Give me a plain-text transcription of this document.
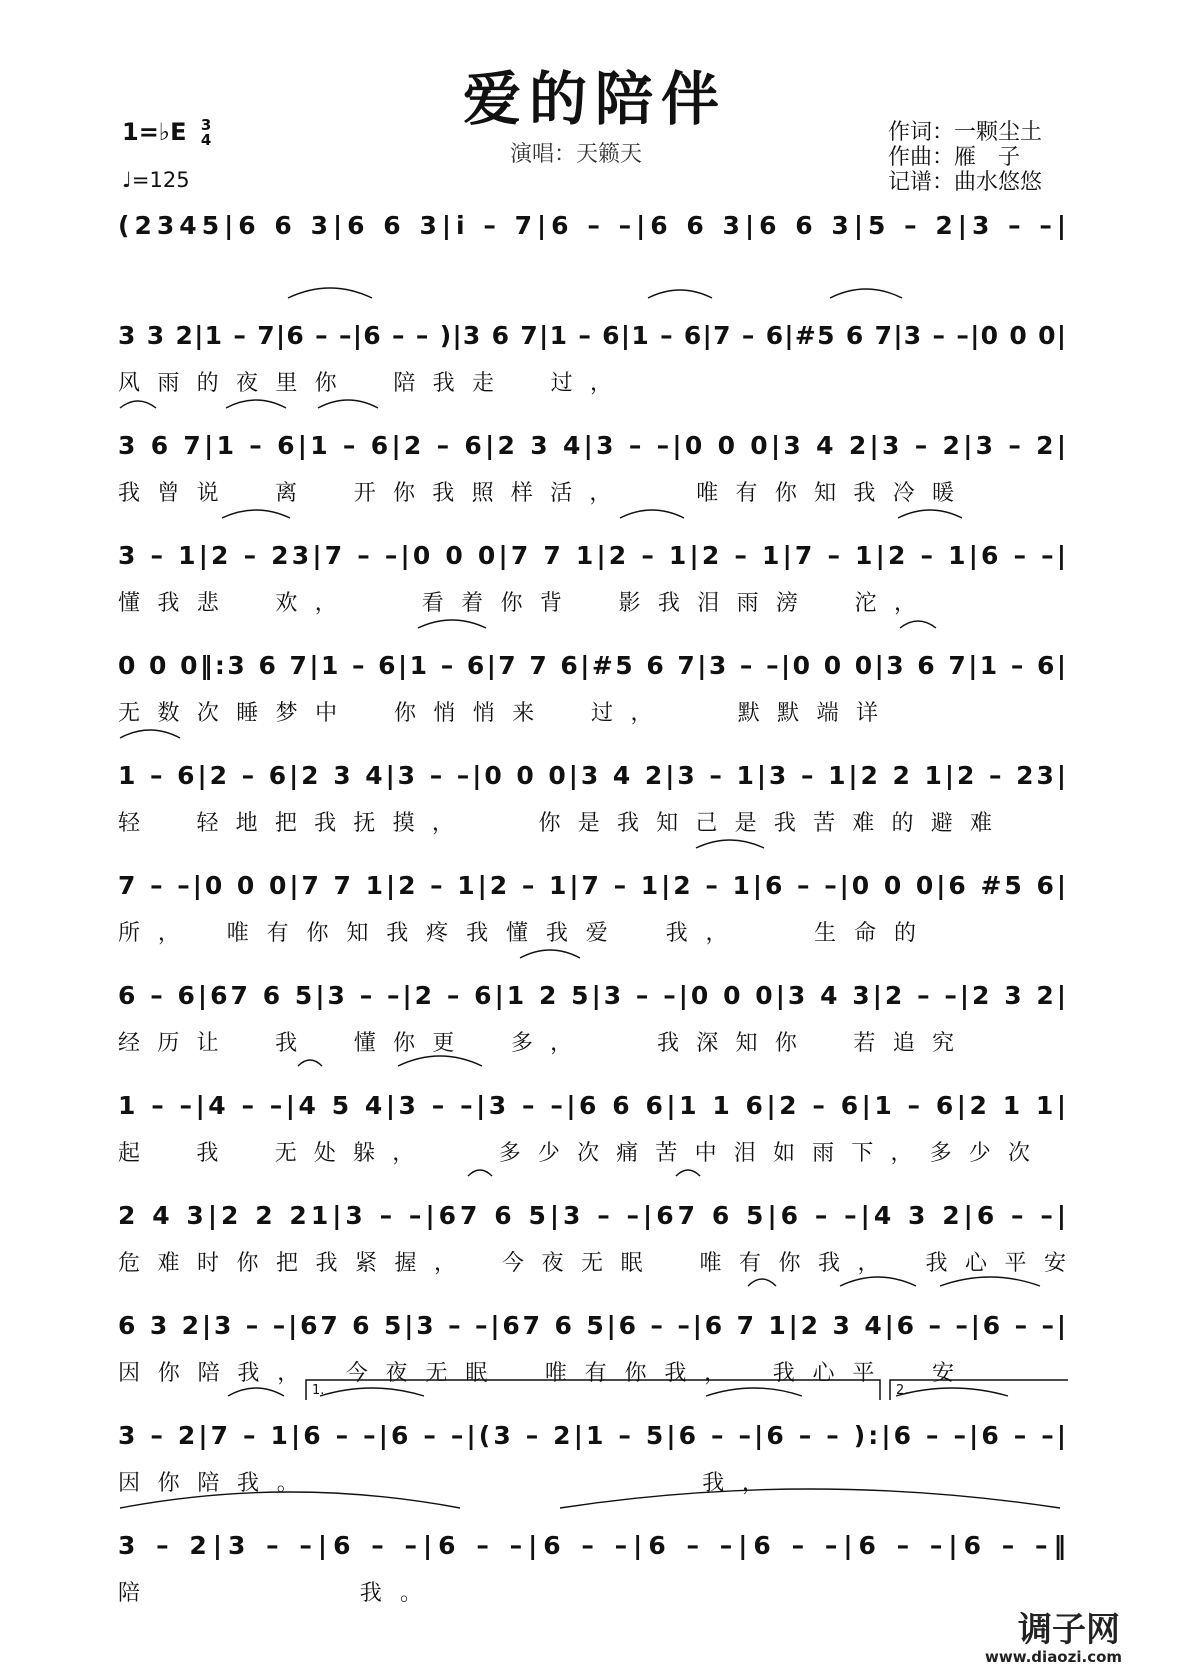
爱的陪伴
1=♭E 3
4
♩=125
演唱：天籁天
作词：一颗尘土
作曲：雁　子
记谱：曲水悠悠
(2345|6 6 3|6 6 3|i̇ – 7|6 – –|6 6 3|6 6 3|5 – 2|3 – –|
3 3 2|1 – 7|6 – –|6 – – )|3 6 7|1 – 6|1 – 6|7 – 6|#5 6 7|3 – –|0 0 0|
风雨的夜里你　陪我走　过，
3 6 7|1 – 6|1 – 6|2 – 6|2 3 4|3 – –|0 0 0|3 4 2|3 – 2|3 – 2|
我曾说　离　开你我照样活，　　唯有你知我冷暖
3 – 1|2 – 23|7 – –|0 0 0|7 7 1|2 – 1|2 – 1|7 – 1|2 – 1|6 – –|
懂我悲　欢，　　看着你背　影我泪雨滂　沱，
0 0 0‖:3 6 7|1 – 6|1 – 6|7 7 6|#5 6 7|3 – –|0 0 0|3 6 7|1 – 6|
无数次睡梦中　你悄悄来　过，　　默默端详
1 – 6|2 – 6|2 3 4|3 – –|0 0 0|3 4 2|3 – 1|3 – 1|2 2 1|2 – 23|
轻　轻地把我抚摸，　　你是我知己是我苦难的避难
7 – –|0 0 0|7 7 1|2 – 1|2 – 1|7 – 1|2 – 1|6 – –|0 0 0|6 #5 6|
所，　唯有你知我疼我懂我爱　我，　　生命的
6 – 6|67 6 5|3 – –|2 – 6|1 2 5|3 – –|0 0 0|3 4 3|2 – –|2 3 2|
经历让　我　懂你更　多，　　我深知你　若追究
1 – –|4 – –|4 5 4|3 – –|3 – –|6 6 6|1 1 6|2 – 6|1 – 6|2 1 1|
起　我　无处躲，　　多少次痛苦中泪如雨下，多少次
2 4 3|2 2 21|3 – –|67 6 5|3 – –|67 6 5|6 – –|4 3 2|6 – –|
危难时你把我紧握，　今夜无眠　唯有你我，　我心平安
6 3 2|3 – –|67 6 5|3 – –|67 6 5|6 – –|6 7 1|2 3 4|6 – –|6 – –|
因你陪我，　今夜无眠　唯有你我，　我心平　安
3 – 2|7 – 1|6 – –|6 – –|(3 – 2|1 – 5|6 – –|6 – – ):|6 – –|6 – –|
因你陪我。　　　　　　　　　　我，
3 – 2|3 – –|6 – –|6 – –|6 – –|6 – –|6 – –|6 – –|6 – –‖
陪　　　　　我。
1.	2.
调子网
www.diaozi.com
